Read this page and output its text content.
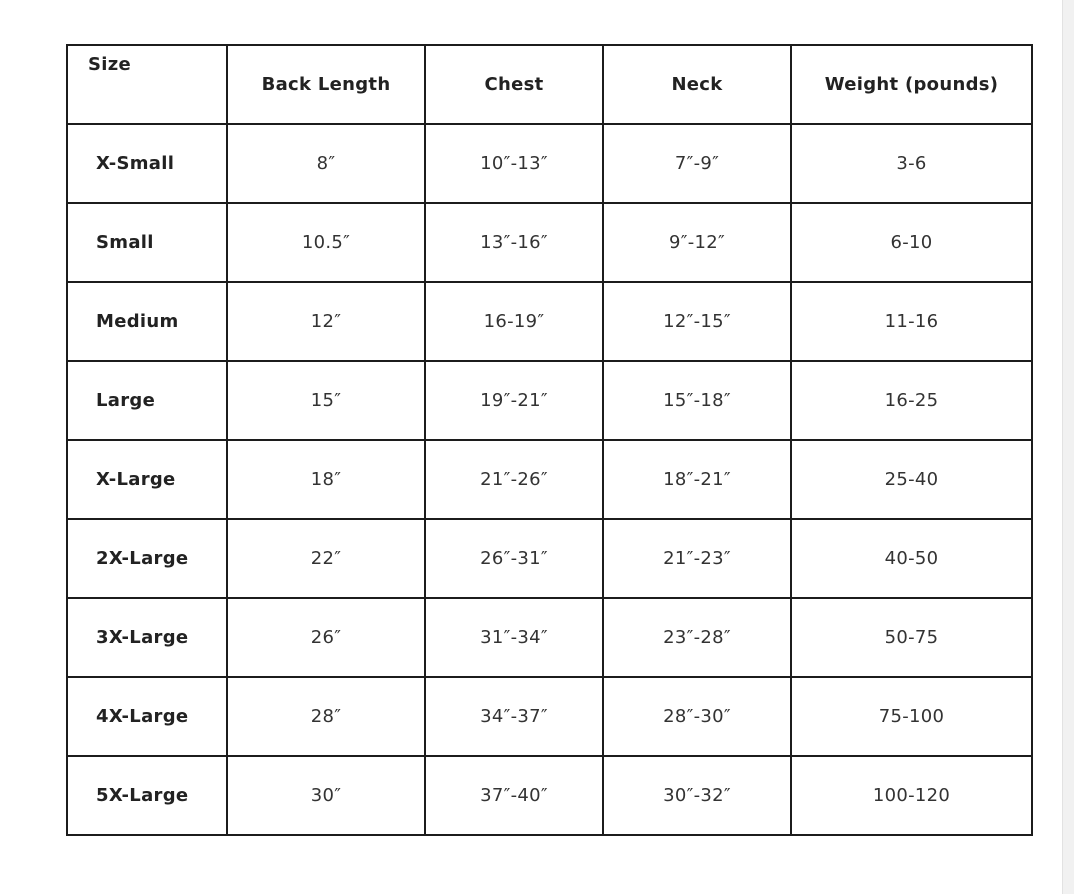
Size	Back Length	Chest	Neck	Weight (pounds)
X-Small	8″	10″-13″	7″-9″	3-6
Small	10.5″	13″-16″	9″-12″	6-10
Medium	12″	16-19″	12″-15″	11-16
Large	15″	19″-21″	15″-18″	16-25
X-Large	18″	21″-26″	18″-21″	25-40
2X-Large	22″	26″-31″	21″-23″	40-50
3X-Large	26″	31″-34″	23″-28″	50-75
4X-Large	28″	34″-37″	28″-30″	75-100
5X-Large	30″	37″-40″	30″-32″	100-120
